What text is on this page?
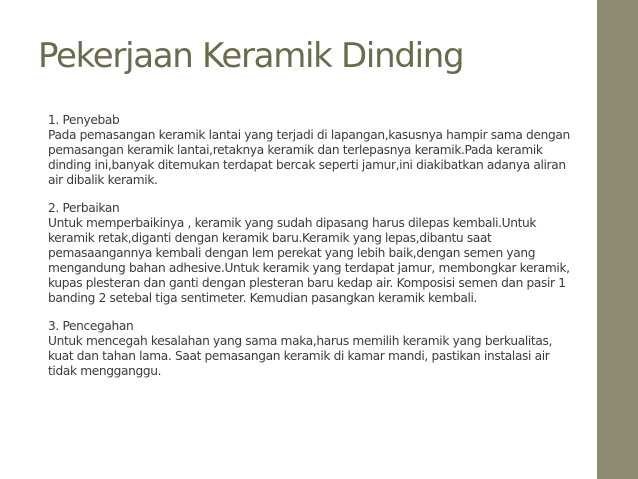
Pekerjaan Keramik Dinding

1. Penyebab

Pada pemasangan keramik lantai yang terjadi di lapangan,kasusnya hampir sama dengan pemasangan keramik lantai,retaknya keramik dan terlepasnya keramik.Pada keramik dinding ini,banyak ditemukan terdapat bercak seperti jamur,ini diakibatkan adanya aliran air dibalik keramik.

2. Perbaikan

Untuk memperbaikinya , keramik yang sudah dipasang harus dilepas kembali.Untuk keramik retak,diganti dengan keramik baru.Keramik yang lepas,dibantu saat pemasaangannya kembali dengan lem perekat yang lebih baik,dengan semen yang mengandung bahan adhesive.Untuk keramik yang terdapat jamur, membongkar keramik, kupas plesteran dan ganti dengan plesteran baru kedap air. Komposisi semen dan pasir 1 banding 2 setebal tiga sentimeter. Kemudian pasangkan keramik kembali.

3. Pencegahan

Untuk mencegah kesalahan yang sama maka,harus memilih keramik yang berkualitas, kuat dan tahan lama. Saat pemasangan keramik di kamar mandi, pastikan instalasi air tidak mengganggu.
